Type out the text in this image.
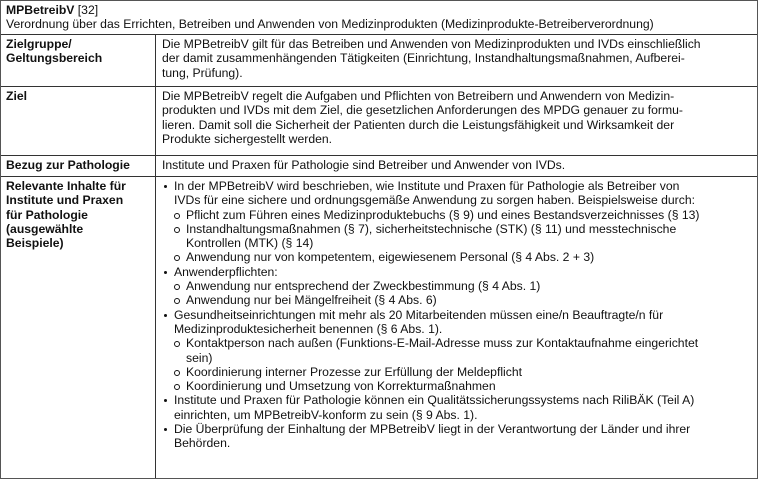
MPBetreibV [32]
Verordnung über das Errichten, Betreiben und Anwenden von Medizinprodukten (Medizinprodukte-Betreiberverordnung)
Zielgruppe/
Geltungsbereich
Die MPBetreibV gilt für das Betreiben und Anwenden von Medizinprodukten und IVDs einschließlich
der damit zusammenhängenden Tätigkeiten (Einrichtung, Instandhaltungsmaßnahmen, Aufberei-
tung, Prüfung).
Ziel	Die MPBetreibV regelt die Aufgaben und Pflichten von Betreibern und Anwendern von Medizin-
produkten und IVDs mit dem Ziel, die gesetzlichen Anforderungen des MPDG genauer zu formu-
lieren. Damit soll die Sicherheit der Patienten durch die Leistungsfähigkeit und Wirksamkeit der
Produkte sichergestellt werden.
Bezug zur Pathologie	Institute und Praxen für Pathologie sind Betreiber und Anwender von IVDs.
Relevante Inhalte für
Institute und Praxen
für Pathologie
(ausgewählte
Beispiele)
In der MPBetreibV wird beschrieben, wie Institute und Praxen für Pathologie als Betreiber von
IVDs für eine sichere und ordnungsgemäße Anwendung zu sorgen haben. Beispielsweise durch:
Pflicht zum Führen eines Medizinproduktebuchs (§ 9) und eines Bestandsverzeichnisses (§ 13)
Instandhaltungsmaßnahmen (§ 7), sicherheitstechnische (STK) (§ 11) und messtechnische
Kontrollen (MTK) (§ 14)
Anwendung nur von kompetentem, eigewiesenem Personal (§ 4 Abs. 2 + 3)
Anwenderpflichten:
Anwendung nur entsprechend der Zweckbestimmung (§ 4 Abs. 1)
Anwendung nur bei Mängelfreiheit (§ 4 Abs. 6)
Gesundheitseinrichtungen mit mehr als 20 Mitarbeitenden müssen eine/n Beauftragte/n für
Medizinproduktesicherheit benennen (§ 6 Abs. 1).
Kontaktperson nach außen (Funktions-E-Mail-Adresse muss zur Kontaktaufnahme eingerichtet
sein)
Koordinierung interner Prozesse zur Erfüllung der Meldepflicht
Koordinierung und Umsetzung von Korrekturmaßnahmen
Institute und Praxen für Pathologie können ein Qualitätssicherungssystems nach RiliBÄK (Teil A)
einrichten, um MPBetreibV-konform zu sein (§ 9 Abs. 1).
Die Überprüfung der Einhaltung der MPBetreibV liegt in der Verantwortung der Länder und ihrer
Behörden.
